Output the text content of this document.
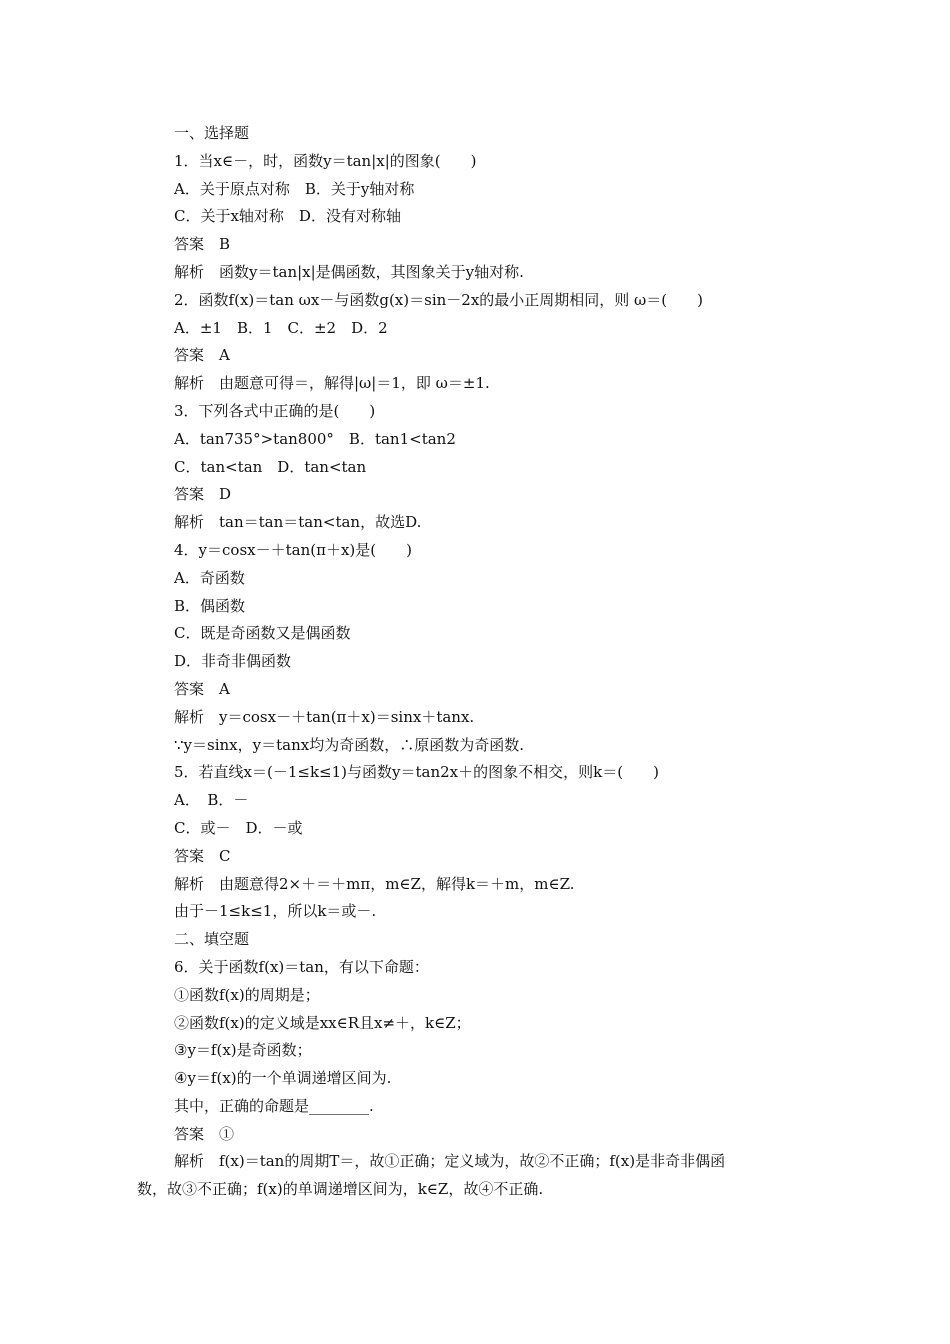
一、选择题
1．当x∈－，时，函数y＝tan|x|的图象(　　)
A．关于原点对称　B．关于y轴对称
C．关于x轴对称　D．没有对称轴
答案　B
解析　函数y＝tan|x|是偶函数，其图象关于y轴对称.
2．函数f(x)＝tan ωx－与函数g(x)＝sin－2x的最小正周期相同，则 ω＝(　　)
A．±1　B．1　C．±2　D．2
答案　A
解析　由题意可得＝，解得|ω|＝1，即 ω＝±1.
3．下列各式中正确的是(　　)
A．tan735°>tan800°　B．tan1<tan2
C．tan<tan　D．tan<tan
答案　D
解析　tan＝tan＝tan<tan，故选D.
4．y＝cosx－＋tan(π＋x)是(　　)
A．奇函数
B．偶函数
C．既是奇函数又是偶函数
D．非奇非偶函数
答案　A
解析　y＝cosx－＋tan(π＋x)＝sinx＋tanx.
∵y＝sinx，y＝tanx均为奇函数，∴原函数为奇函数.
5．若直线x＝(－1≤k≤1)与函数y＝tan2x＋的图象不相交，则k＝(　　)
A．　B．－
C．或－　D．－或
答案　C
解析　由题意得2×＋＝＋mπ，m∈Z，解得k＝＋m，m∈Z.
由于－1≤k≤1，所以k＝或－.
二、填空题
6．关于函数f(x)＝tan，有以下命题：
①函数f(x)的周期是；
②函数f(x)的定义域是xx∈R且x≠＋，k∈Z；
③y＝f(x)是奇函数；
④y＝f(x)的一个单调递增区间为.
其中，正确的命题是________.
答案　①
解析　f(x)＝tan的周期T＝，故①正确；定义域为，故②不正确；f(x)是非奇非偶函
数，故③不正确；f(x)的单调递增区间为，k∈Z，故④不正确.
